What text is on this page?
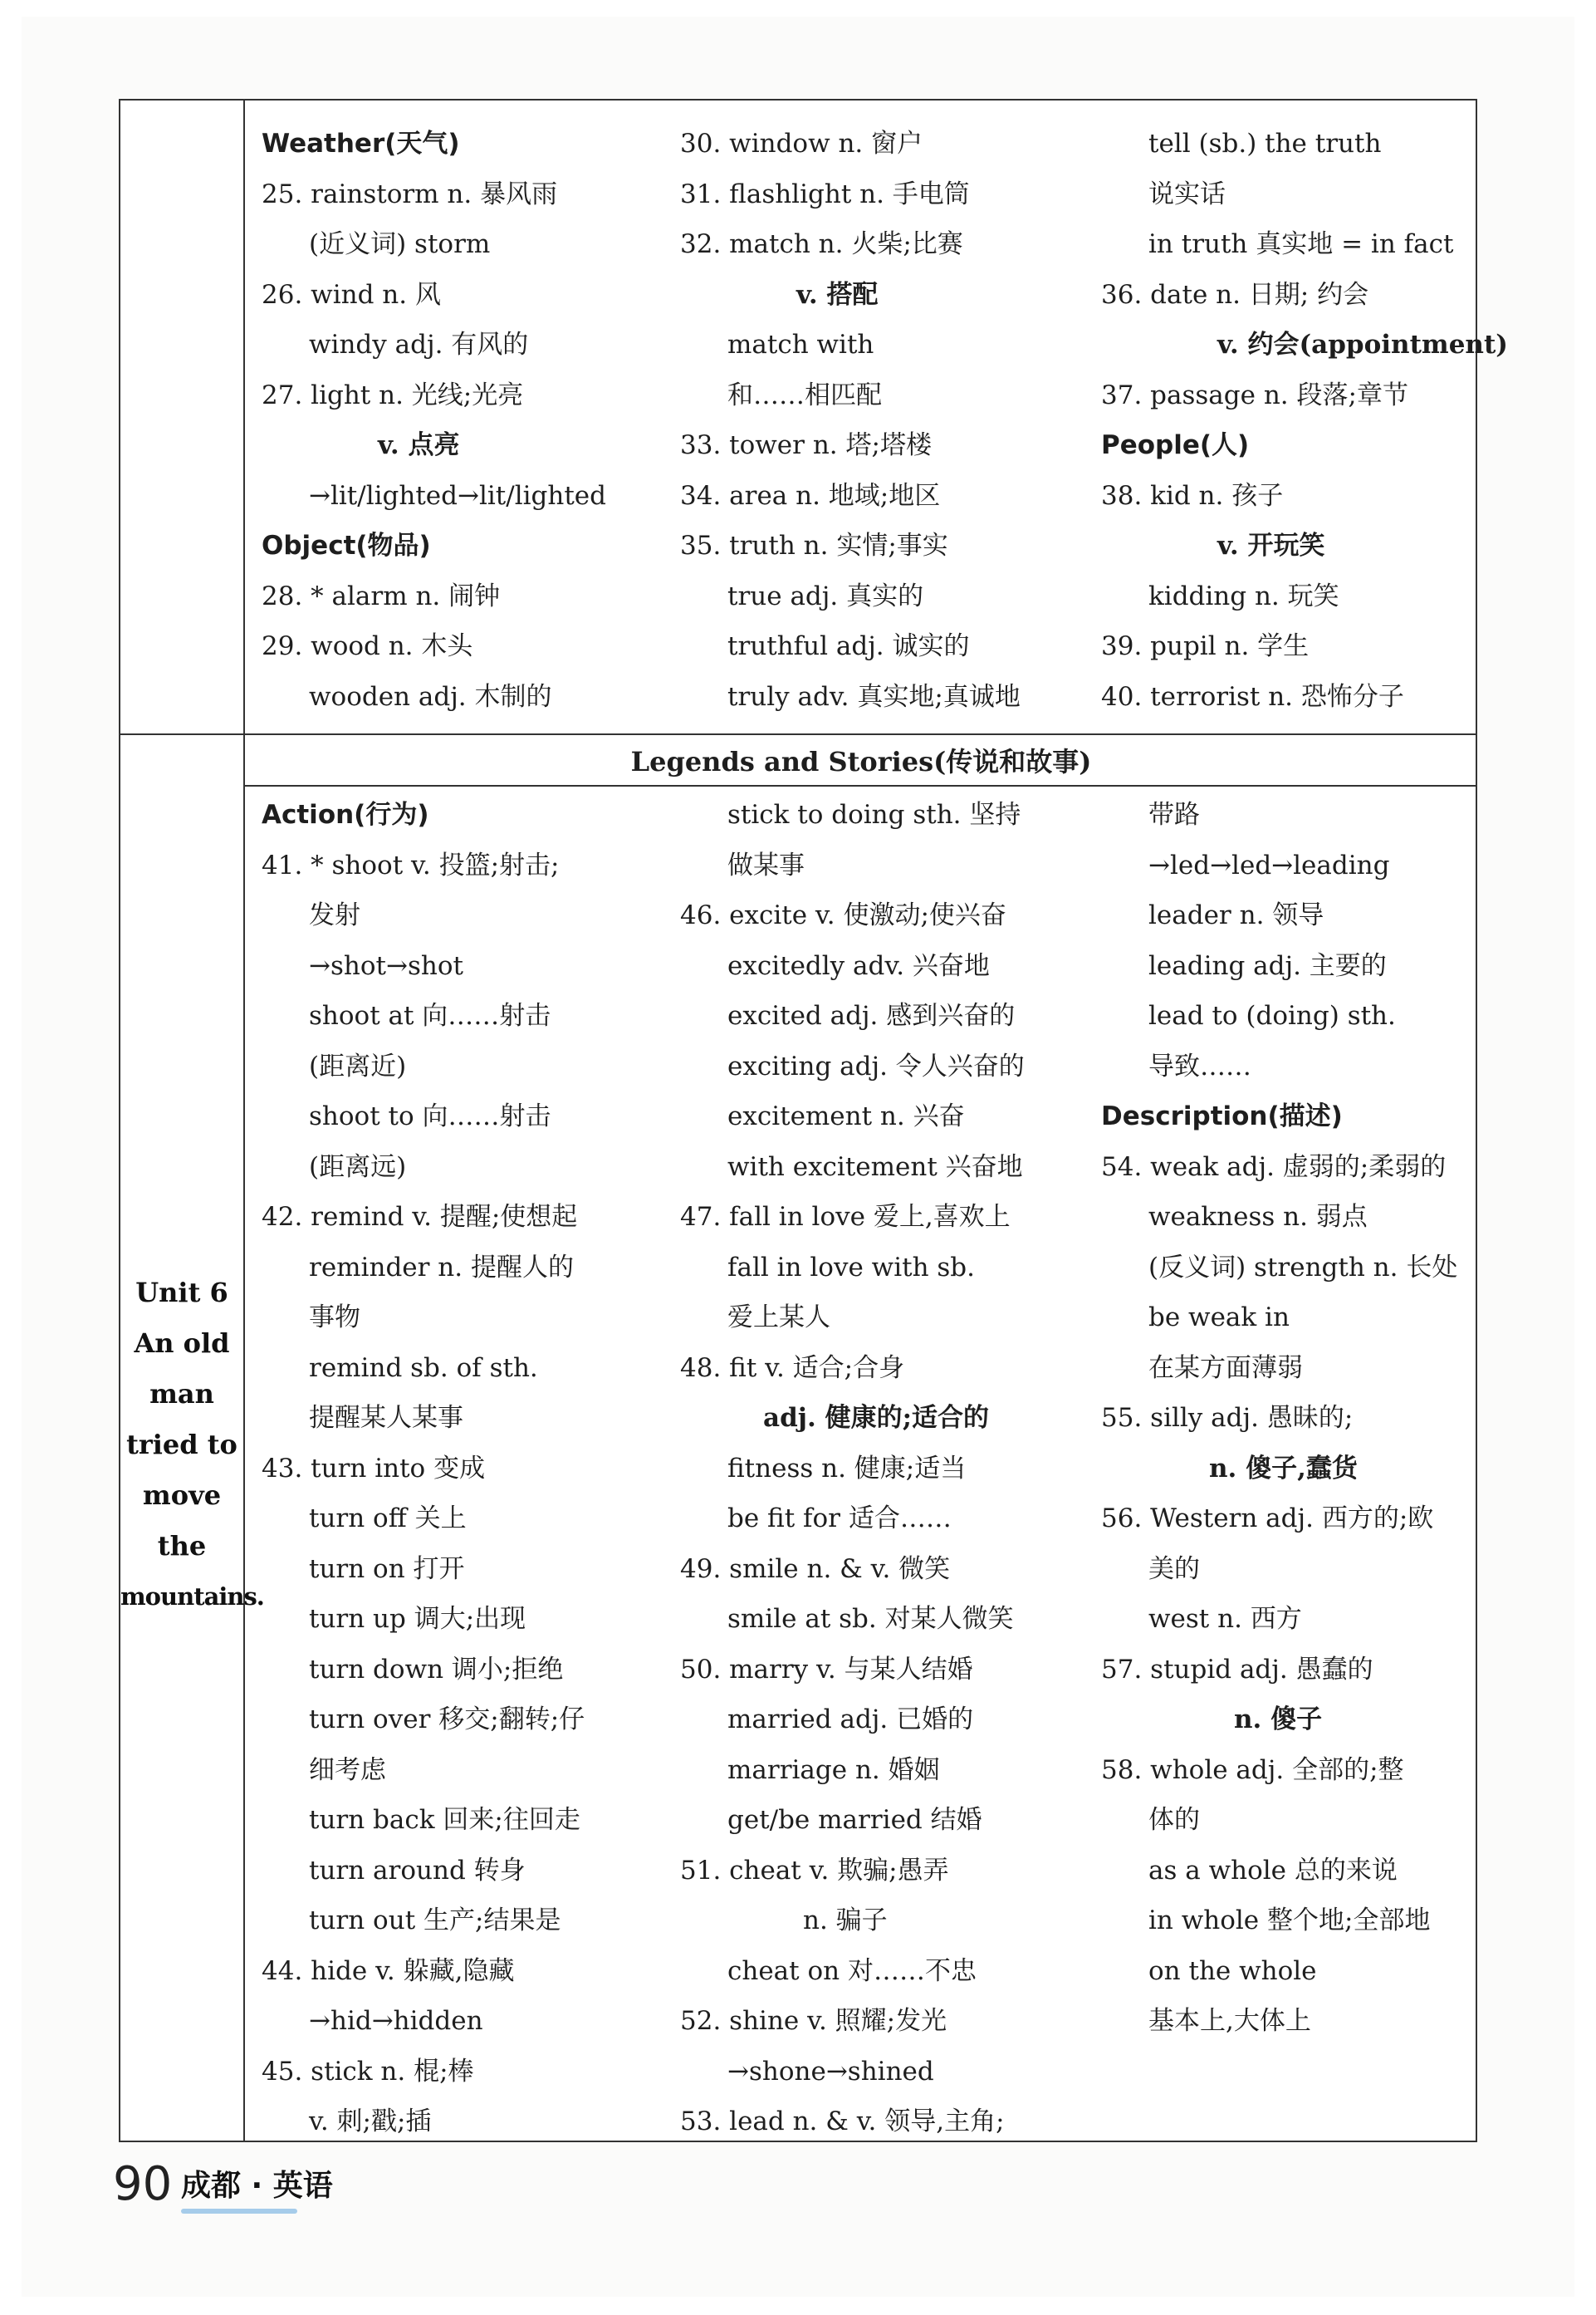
Unit 6
An old
man
tried to
move
the
mountains.
Legends and Stories(传说和故事)
Weather(天气)
25. rainstorm n. 暴风雨
(近义词) storm
26. wind n. 风
windy adj. 有风的
27. light n. 光线;光亮
v. 点亮
→lit/lighted→lit/lighted
Object(物品)
28. * alarm n. 闹钟
29. wood n. 木头
wooden adj. 木制的
30. window n. 窗户
31. flashlight n. 手电筒
32. match n. 火柴;比赛
v. 搭配
match with
和……相匹配
33. tower n. 塔;塔楼
34. area n. 地域;地区
35. truth n. 实情;事实
true adj. 真实的
truthful adj. 诚实的
truly adv. 真实地;真诚地
tell (sb.) the truth
说实话
in truth 真实地 = in fact
36. date n. 日期; 约会
v. 约会(appointment)
37. passage n. 段落;章节
People(人)
38. kid n. 孩子
v. 开玩笑
kidding n. 玩笑
39. pupil n. 学生
40. terrorist n. 恐怖分子
Action(行为)
41. * shoot v. 投篮;射击;
发射
→shot→shot
shoot at 向……射击
(距离近)
shoot to 向……射击
(距离远)
42. remind v. 提醒;使想起
reminder n. 提醒人的
事物
remind sb. of sth.
提醒某人某事
43. turn into 变成
turn off 关上
turn on 打开
turn up 调大;出现
turn down 调小;拒绝
turn over 移交;翻转;仔
细考虑
turn back 回来;往回走
turn around 转身
turn out 生产;结果是
44. hide v. 躲藏,隐藏
→hid→hidden
45. stick n. 棍;棒
v. 刺;戳;插
stick to doing sth. 坚持
做某事
46. excite v. 使激动;使兴奋
excitedly adv. 兴奋地
excited adj. 感到兴奋的
exciting adj. 令人兴奋的
excitement n. 兴奋
with excitement 兴奋地
47. fall in love 爱上,喜欢上
fall in love with sb.
爱上某人
48. fit v. 适合;合身
adj. 健康的;适合的
fitness n. 健康;适当
be fit for 适合……
49. smile n. & v. 微笑
smile at sb. 对某人微笑
50. marry v. 与某人结婚
married adj. 已婚的
marriage n. 婚姻
get/be married 结婚
51. cheat v. 欺骗;愚弄
n. 骗子
cheat on 对……不忠
52. shine v. 照耀;发光
→shone→shined
53. lead n. & v. 领导,主角;
带路
→led→led→leading
leader n. 领导
leading adj. 主要的
lead to (doing) sth.
导致……
Description(描述)
54. weak adj. 虚弱的;柔弱的
weakness n. 弱点
(反义词) strength n. 长处
be weak in
在某方面薄弱
55. silly adj. 愚昧的;
n. 傻子,蠢货
56. Western adj. 西方的;欧
美的
west n. 西方
57. stupid adj. 愚蠢的
n. 傻子
58. whole adj. 全部的;整
体的
as a whole 总的来说
in whole 整个地;全部地
on the whole
基本上,大体上
90 成都 · 英语
